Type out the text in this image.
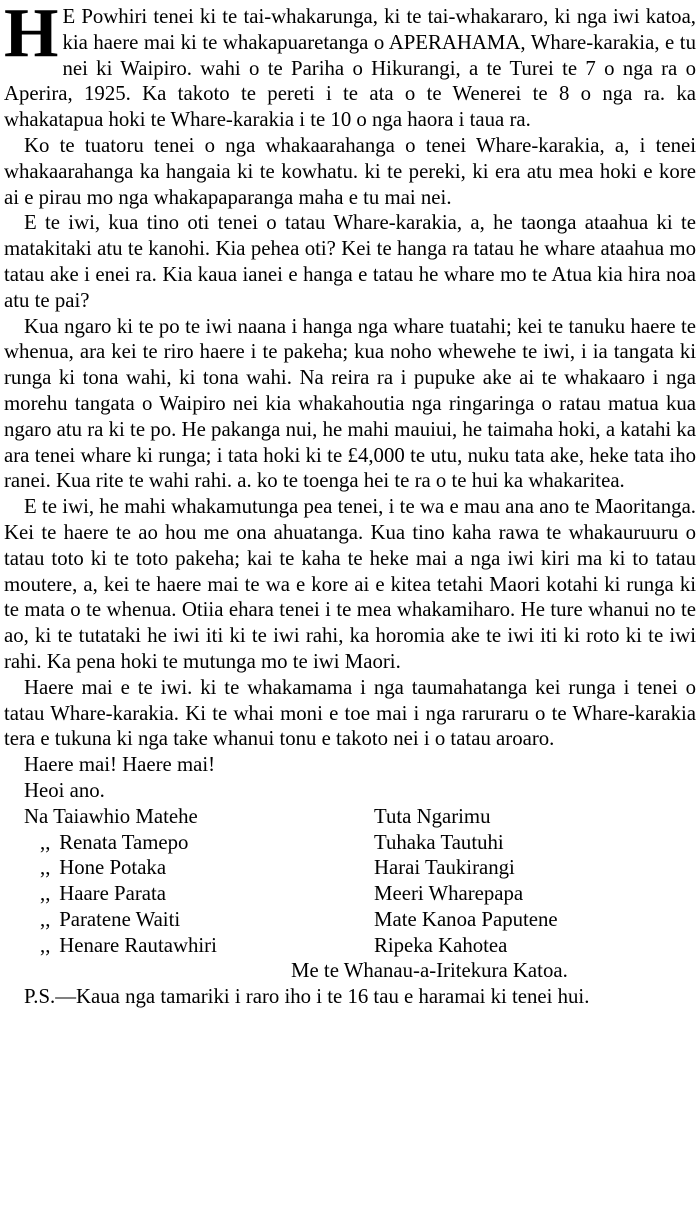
H E Powhiri tenei ki te tai-whakarunga, ki te tai-whakararo, ki nga iwi katoa, kia haere mai ki te whakapuaretanga o APERAHAMA, Whare-karakia, e tu nei ki Waipiro. wahi o te Pariha o Hikurangi, a te Turei te 7 o nga ra o Aperira, 1925. Ka takoto te pereti i te ata o te Wenerei te 8 o nga ra. ka whakatapua hoki te Whare-karakia i te 10 o nga haora i taua ra.

Ko te tuatoru tenei o nga whakaarahanga o tenei Whare-karakia, a, i tenei whakaarahanga ka hangaia ki te kowhatu. ki te pereki, ki era atu mea hoki e kore ai e pirau mo nga whakapaparanga maha e tu mai nei.

E te iwi, kua tino oti tenei o tatau Whare-karakia, a, he taonga ataahua ki te matakitaki atu te kanohi. Kia pehea oti? Kei te hanga ra tatau he whare ataahua mo tatau ake i enei ra. Kia kaua ianei e hanga e tatau he whare mo te Atua kia hira noa atu te pai?

Kua ngaro ki te po te iwi naana i hanga nga whare tuatahi; kei te tanuku haere te whenua, ara kei te riro haere i te pakeha; kua noho whewehe te iwi, i ia tangata ki runga ki tona wahi, ki tona wahi. Na reira ra i pupuke ake ai te whakaaro i nga morehu tangata o Waipiro nei kia whakahoutia nga ringaringa o ratau matua kua ngaro atu ra ki te po. He pakanga nui, he mahi mauiui, he taimaha hoki, a katahi ka ara tenei whare ki runga; i tata hoki ki te £4,000 te utu, nuku tata ake, heke tata iho ranei. Kua rite te wahi rahi. a. ko te toenga hei te ra o te hui ka whakaritea.

E te iwi, he mahi whakamutunga pea tenei, i te wa e mau ana ano te Maoritanga. Kei te haere te ao hou me ona ahuatanga. Kua tino kaha rawa te whakauruuru o tatau toto ki te toto pakeha; kai te kaha te heke mai a nga iwi kiri ma ki to tatau moutere, a, kei te haere mai te wa e kore ai e kitea tetahi Maori kotahi ki runga ki te mata o te whenua. Otiia ehara tenei i te mea whakamiharo. He ture whanui no te ao, ki te tutataki he iwi iti ki te iwi rahi, ka horomia ake te iwi iti ki roto ki te iwi rahi. Ka pena hoki te mutunga mo te iwi Maori.

Haere mai e te iwi. ki te whakamama i nga taumahatanga kei runga i tenei o tatau Whare-karakia. Ki te whai moni e toe mai i nga raruraru o te Whare-karakia tera e tukuna ki nga take whanui tonu e takoto nei i o tatau aroaro.

Haere mai! Haere mai!

Heoi ano.

Na Taiawhio Matehe	Tuta Ngarimu
,, Renata Tamepo	Tuhaka Tautuhi
,, Hone Potaka	Harai Taukirangi
,, Haare Parata	Meeri Wharepapa
,, Paratene Waiti	Mate Kanoa Paputene
,, Henare Rautawhiri	Ripeka Kahotea

Me te Whanau-a-Iritekura Katoa.

P.S.—Kaua nga tamariki i raro iho i te 16 tau e haramai ki tenei hui.
